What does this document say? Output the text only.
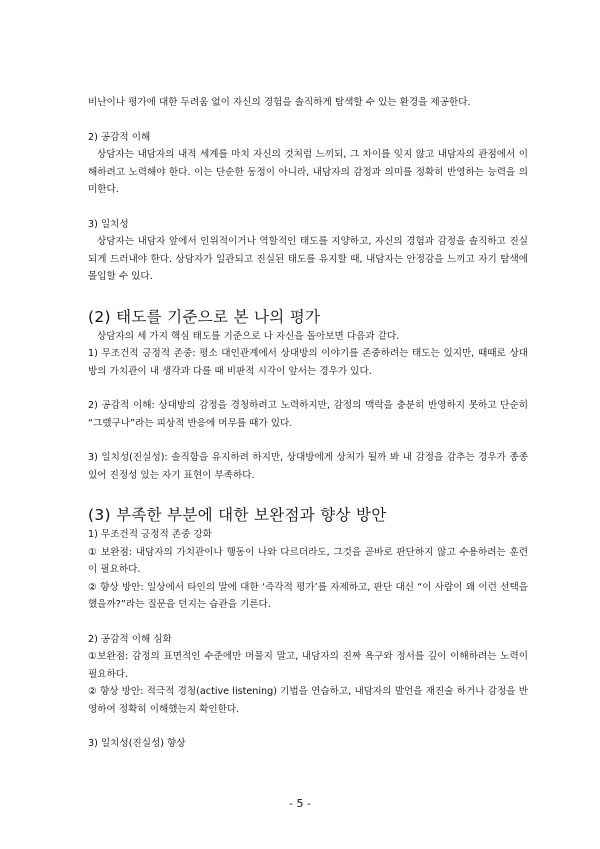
비난이나 평가에 대한 두려움 없이 자신의 경험을 솔직하게 탐색할 수 있는 환경을 제공한다.

2) 공감적 이해

상담자는 내담자의 내적 세계를 마치 자신의 것처럼 느끼되, 그 차이를 잊지 않고 내담자의 관점에서 이해하려고 노력해야 한다. 이는 단순한 동정이 아니라, 내담자의 감정과 의미를 정확히 반영하는 능력을 의미한다.

3) 일치성

상담자는 내담자 앞에서 인위적이거나 역할적인 태도를 지양하고, 자신의 경험과 감정을 솔직하고 진실되게 드러내야 한다. 상담자가 일관되고 진실된 태도를 유지할 때, 내담자는 안정감을 느끼고 자기 탐색에 몰입할 수 있다.

(2) 태도를 기준으로 본 나의 평가

상담자의 세 가지 핵심 태도를 기준으로 나 자신을 돌아보면 다음과 같다.

1) 무조건적 긍정적 존중: 평소 대인관계에서 상대방의 이야기를 존중하려는 태도는 있지만, 때때로 상대방의 가치관이 내 생각과 다를 때 비판적 시각이 앞서는 경우가 있다.

2) 공감적 이해: 상대방의 감정을 경청하려고 노력하지만, 감정의 맥락을 충분히 반영하지 못하고 단순히 “그랬구나”라는 피상적 반응에 머무를 때가 있다.

3) 일치성(진실성): 솔직함을 유지하려 하지만, 상대방에게 상처가 될까 봐 내 감정을 감추는 경우가 종종 있어 진정성 있는 자기 표현이 부족하다.

(3) 부족한 부분에 대한 보완점과 향상 방안

1) 무조건적 긍정적 존중 강화

① 보완점: 내담자의 가치관이나 행동이 나와 다르더라도, 그것을 곧바로 판단하지 않고 수용하려는 훈련이 필요하다.

② 향상 방안: 일상에서 타인의 말에 대한 ‘즉각적 평가’를 자제하고, 판단 대신 “이 사람이 왜 이런 선택을 했을까?”라는 질문을 던지는 습관을 기른다.

2) 공감적 이해 심화

①보완점: 감정의 표면적인 수준에만 머물지 말고, 내담자의 진짜 욕구와 정서를 깊이 이해하려는 노력이 필요하다.

② 향상 방안: 적극적 경청(active listening) 기법을 연습하고, 내담자의 발언을 재진술 하거나 감정을 반영하여 정확히 이해했는지 확인한다.

3) 일치성(진실성) 향상

- 5 -
